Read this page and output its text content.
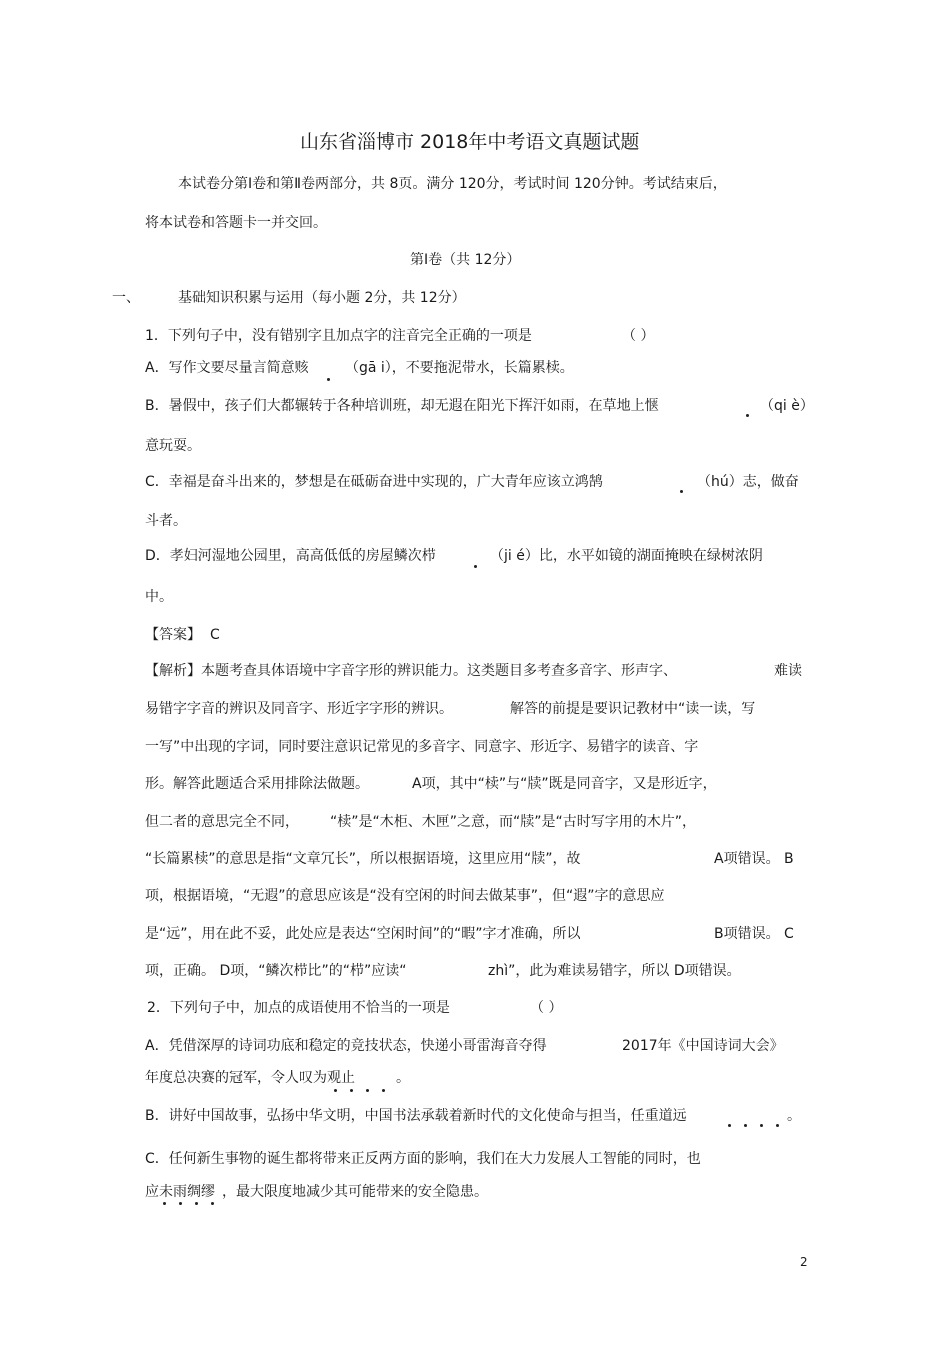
山东省淄博市 2018年中考语文真题试题
本试卷分第Ⅰ卷和第Ⅱ卷两部分，共 8页。满分 120分，考试时间 120分钟。考试结束后，
将本试卷和答题卡一并交回。
第Ⅰ卷（共 12分）
一、	基础知识积累与运用（每小题 2分，共 12分）
1．下列句子中，没有错别字且加点字的注音完全正确的一项是	（ ）
A．写作文要尽量言简意赅	（gā i），不要拖泥带水，长篇累椟。
B．暑假中，孩子们大都辗转于各种培训班，却无遐在阳光下挥汗如雨，在草地上惬	（qi è）
意玩耍。
C．幸福是奋斗出来的，梦想是在砥砺奋进中实现的，广大青年应该立鸿鹄	（hú）志，做奋
斗者。
D．孝妇河湿地公园里，高高低低的房屋鳞次栉	（ji é）比，水平如镜的湖面掩映在绿树浓阴
中。
【答案】 C
【解析】本题考查具体语境中字音字形的辨识能力。这类题目多考查多音字、形声字、	难读
易错字字音的辨识及同音字、形近字字形的辨识。	解答的前提是要识记教材中“读一读，写
一写”中出现的字词，同时要注意识记常见的多音字、同意字、形近字、易错字的读音、字
形。解答此题适合采用排除法做题。	A项，其中“椟”与“牍”既是同音字，又是形近字，
但二者的意思完全不同， “椟”是“木柜、木匣”之意，而“牍”是“古时写字用的木片”，
“长篇累椟”的意思是指“文章冗长”，所以根据语境，这里应用“牍”，故	A项错误。 B
项，根据语境，“无遐”的意思应该是“没有空闲的时间去做某事”，但“遐”字的意思应
是“远”，用在此不妥，此处应是表达“空闲时间”的“暇”字才准确，所以	B项错误。 C
项，正确。 D项，“鳞次栉比”的“栉”应读“	zhì”，此为难读易错字，所以 D项错误。
2．下列句子中，加点的成语使用不恰当的一项是	（ ）
A．凭借深厚的诗词功底和稳定的竞技状态，快递小哥雷海音夺得	2017年《中国诗词大会》
年度总决赛的冠军，令人叹为观止	。
B．讲好中国故事，弘扬中华文明，中国书法承载着新时代的文化使命与担当，任重道远	。
C．任何新生事物的诞生都将带来正反两方面的影响，我们在大力发展人工智能的同时，也
应未雨绸缪 ，最大限度地减少其可能带来的安全隐患。
2
